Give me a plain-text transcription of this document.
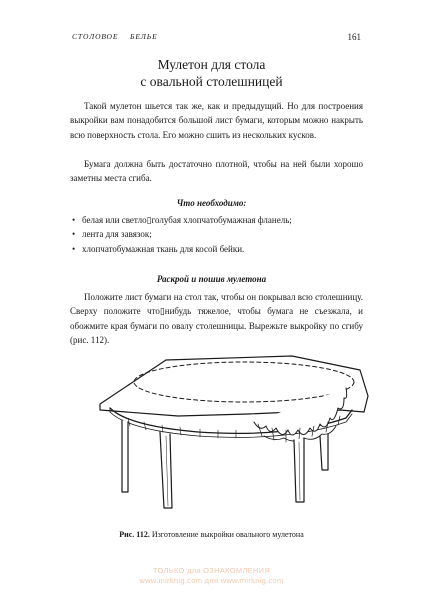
СТОЛОВОЕ БЕЛЬЕ	161
Мулетон для стола
с овальной столешницей

Такой мулетон шьется так же, как и предыдущий. Но для построения выкройки вам понадобится большой лист бумаги, которым можно накрыть всю поверхность стола. Его можно сшить из нескольких кусков.

Бумага должна быть достаточно плотной, чтобы на ней были хорошо заметны места сгиба.

Что необходимо:
• белая или светло▯голубая хлопчатобумажная фланель;
• лента для завязок;
• хлопчатобумажная ткань для косой бейки.
Раскрой и пошив мулетона

Положите лист бумаги на стол так, чтобы он покрывал всю столешницу. Сверху положите что▯нибудь тяжелое, чтобы бумага не съезжала, и обожмите края бумаги по овалу столешницы. Вырежьте выкройку по сгибу (рис. 112).

Рис. 112. Изготовление выкройки овального мулетона
ТОЛЬКО для ОЗНАКОМЛЕНИЯ
www.mirknig.com для www.mirknig.com
